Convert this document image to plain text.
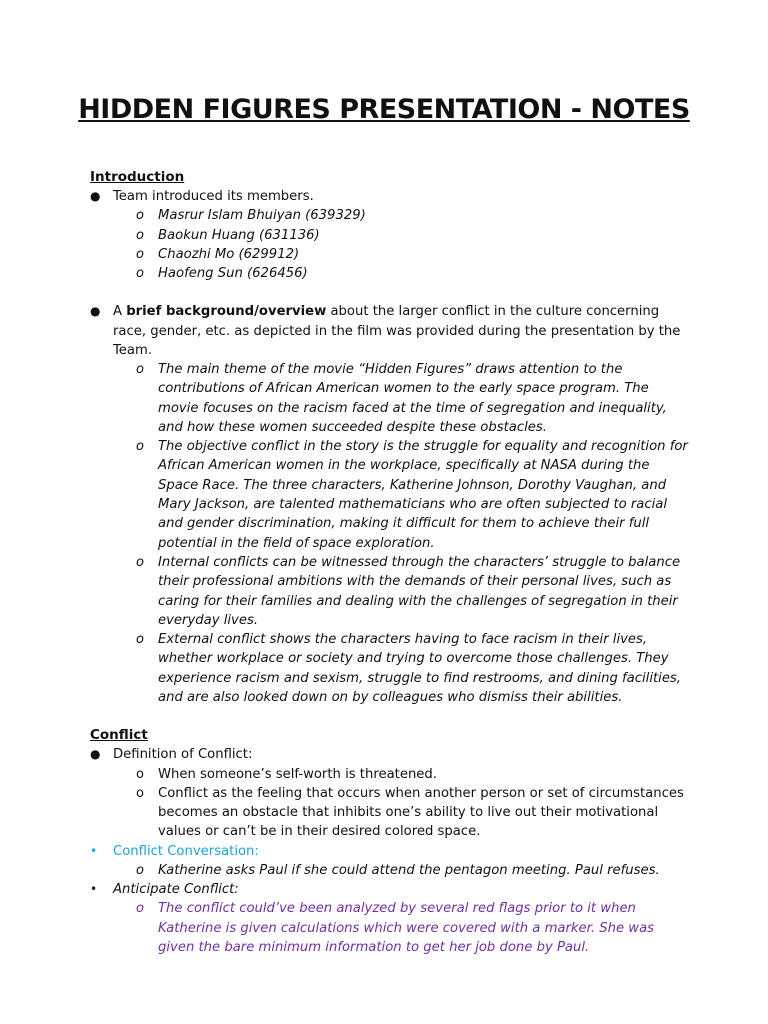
HIDDEN FIGURES PRESENTATION - NOTES
Introduction
● Team introduced its members.
o Masrur Islam Bhuiyan (639329)
o Baokun Huang (631136)
o Chaozhi Mo (629912)
o Haofeng Sun (626456)
● A brief background/overview about the larger conflict in the culture concerning race, gender, etc. as depicted in the film was provided during the presentation by the Team.
o The main theme of the movie “Hidden Figures” draws attention to the contributions of African American women to the early space program. The movie focuses on the racism faced at the time of segregation and inequality, and how these women succeeded despite these obstacles.
o The objective conflict in the story is the struggle for equality and recognition for African American women in the workplace, specifically at NASA during the Space Race. The three characters, Katherine Johnson, Dorothy Vaughan, and Mary Jackson, are talented mathematicians who are often subjected to racial and gender discrimination, making it difficult for them to achieve their full potential in the field of space exploration.
o Internal conflicts can be witnessed through the characters’ struggle to balance their professional ambitions with the demands of their personal lives, such as caring for their families and dealing with the challenges of segregation in their everyday lives.
o External conflict shows the characters having to face racism in their lives, whether workplace or society and trying to overcome those challenges. They experience racism and sexism, struggle to find restrooms, and dining facilities, and are also looked down on by colleagues who dismiss their abilities.
Conflict
● Definition of Conflict:
o When someone’s self-worth is threatened.
o Conflict as the feeling that occurs when another person or set of circumstances becomes an obstacle that inhibits one’s ability to live out their motivational values or can’t be in their desired colored space.
• Conflict Conversation:
o Katherine asks Paul if she could attend the pentagon meeting. Paul refuses.
• Anticipate Conflict:
o The conflict could’ve been analyzed by several red flags prior to it when Katherine is given calculations which were covered with a marker. She was given the bare minimum information to get her job done by Paul.
